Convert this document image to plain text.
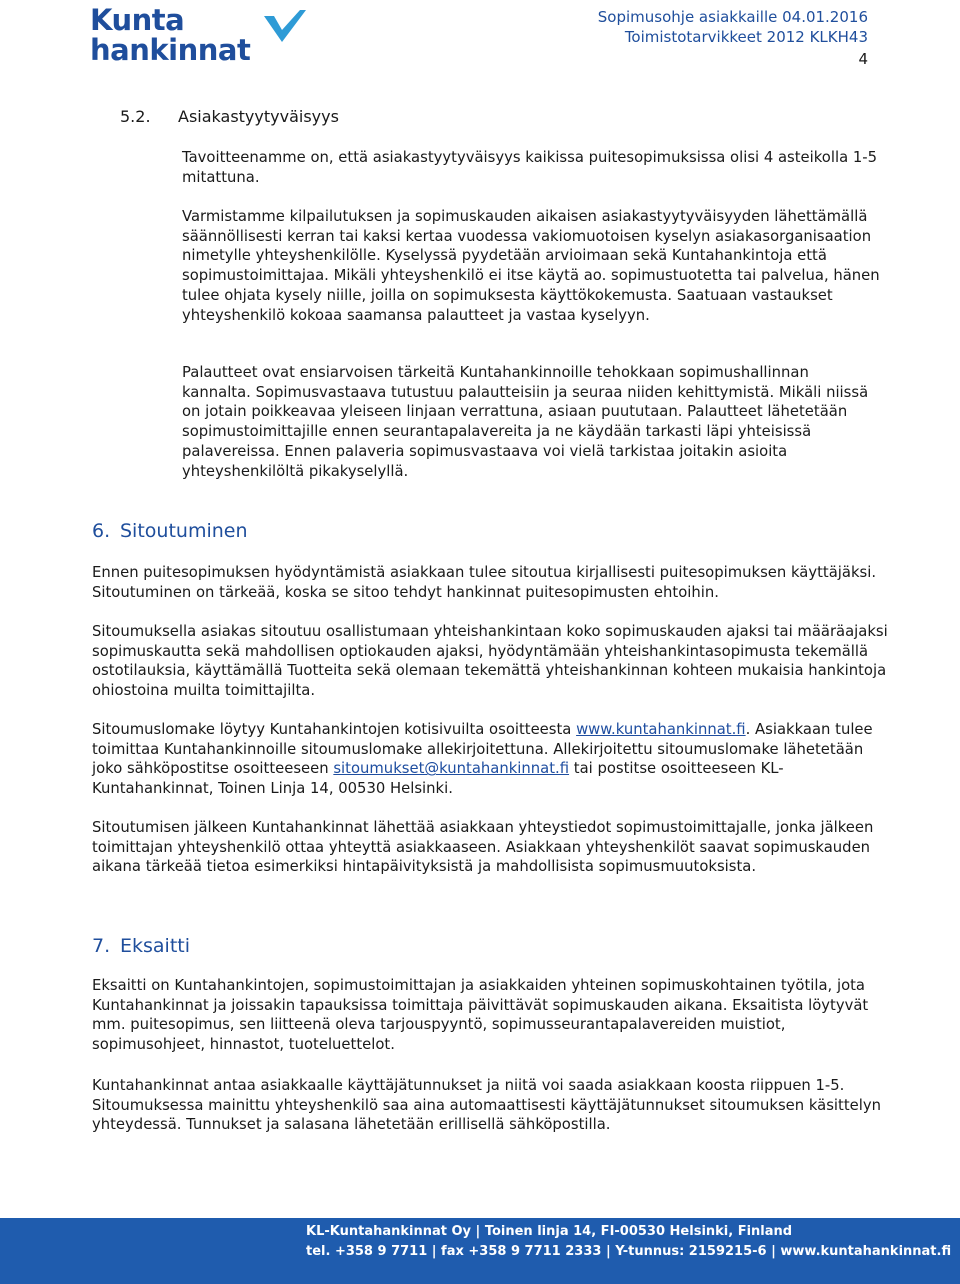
Kunta
hankinnat
Sopimusohje asiakkaille 04.01.2016
Toimistotarvikkeet 2012 KLKH43
4
5.2. Asiakastyytyväisyys

Tavoitteenamme on, että asiakastyytyväisyys kaikissa puitesopimuksissa olisi 4 asteikolla 1-5 mitattuna.

Varmistamme kilpailutuksen ja sopimuskauden aikaisen asiakastyytyväisyyden lähettämällä säännöllisesti kerran tai kaksi kertaa vuodessa vakiomuotoisen kyselyn asiakasorganisaation nimetylle yhteyshenkilölle. Kyselyssä pyydetään arvioimaan sekä Kuntahankintoja että sopimustoimittajaa. Mikäli yhteyshenkilö ei itse käytä ao. sopimustuotetta tai palvelua, hänen tulee ohjata kysely niille, joilla on sopimuksesta käyttökokemusta. Saatuaan vastaukset yhteyshenkilö kokoaa saamansa palautteet ja vastaa kyselyyn.

Palautteet ovat ensiarvoisen tärkeitä Kuntahankinnoille tehokkaan sopimushallinnan kannalta. Sopimusvastaava tutustuu palautteisiin ja seuraa niiden kehittymistä. Mikäli niissä on jotain poikkeavaa yleiseen linjaan verrattuna, asiaan puututaan. Palautteet lähetetään sopimustoimittajille ennen seurantapalavereita ja ne käydään tarkasti läpi yhteisissä palavereissa. Ennen palaveria sopimusvastaava voi vielä tarkistaa joitakin asioita yhteyshenkilöltä pikakyselyllä.

6. Sitoutuminen

Ennen puitesopimuksen hyödyntämistä asiakkaan tulee sitoutua kirjallisesti puitesopimuksen käyttäjäksi. Sitoutuminen on tärkeää, koska se sitoo tehdyt hankinnat puitesopimusten ehtoihin.

Sitoumuksella asiakas sitoutuu osallistumaan yhteishankintaan koko sopimuskauden ajaksi tai määräajaksi sopimuskautta sekä mahdollisen optiokauden ajaksi, hyödyntämään yhteishankintasopimusta tekemällä ostotilauksia, käyttämällä Tuotteita sekä olemaan tekemättä yhteishankinnan kohteen mukaisia hankintoja ohiostoina muilta toimittajilta.

Sitoumuslomake löytyy Kuntahankintojen kotisivuilta osoitteesta www.kuntahankinnat.fi. Asiakkaan tulee toimittaa Kuntahankinnoille sitoumuslomake allekirjoitettuna. Allekirjoitettu sitoumuslomake lähetetään joko sähköpostitse osoitteeseen sitoumukset@kuntahankinnat.fi tai postitse osoitteeseen KL-Kuntahankinnat, Toinen Linja 14, 00530 Helsinki.

Sitoutumisen jälkeen Kuntahankinnat lähettää asiakkaan yhteystiedot sopimustoimittajalle, jonka jälkeen toimittajan yhteyshenkilö ottaa yhteyttä asiakkaaseen. Asiakkaan yhteyshenkilöt saavat sopimuskauden aikana tärkeää tietoa esimerkiksi hintapäivityksistä ja mahdollisista sopimusmuutoksista.

7. Eksaitti

Eksaitti on Kuntahankintojen, sopimustoimittajan ja asiakkaiden yhteinen sopimuskohtainen työtila, jota Kuntahankinnat ja joissakin tapauksissa toimittaja päivittävät sopimuskauden aikana. Eksaitista löytyvät mm. puitesopimus, sen liitteenä oleva tarjouspyyntö, sopimusseurantapalavereiden muistiot, sopimusohjeet, hinnastot, tuoteluettelot.

Kuntahankinnat antaa asiakkaalle käyttäjätunnukset ja niitä voi saada asiakkaan koosta riippuen 1-5. Sitoumuksessa mainittu yhteyshenkilö saa aina automaattisesti käyttäjätunnukset sitoumuksen käsittelyn yhteydessä. Tunnukset ja salasana lähetetään erillisellä sähköpostilla.

KL-Kuntahankinnat Oy | Toinen linja 14, FI-00530 Helsinki, Finland
tel. +358 9 7711 | fax +358 9 7711 2333 | Y-tunnus: 2159215-6 | www.kuntahankinnat.fi
